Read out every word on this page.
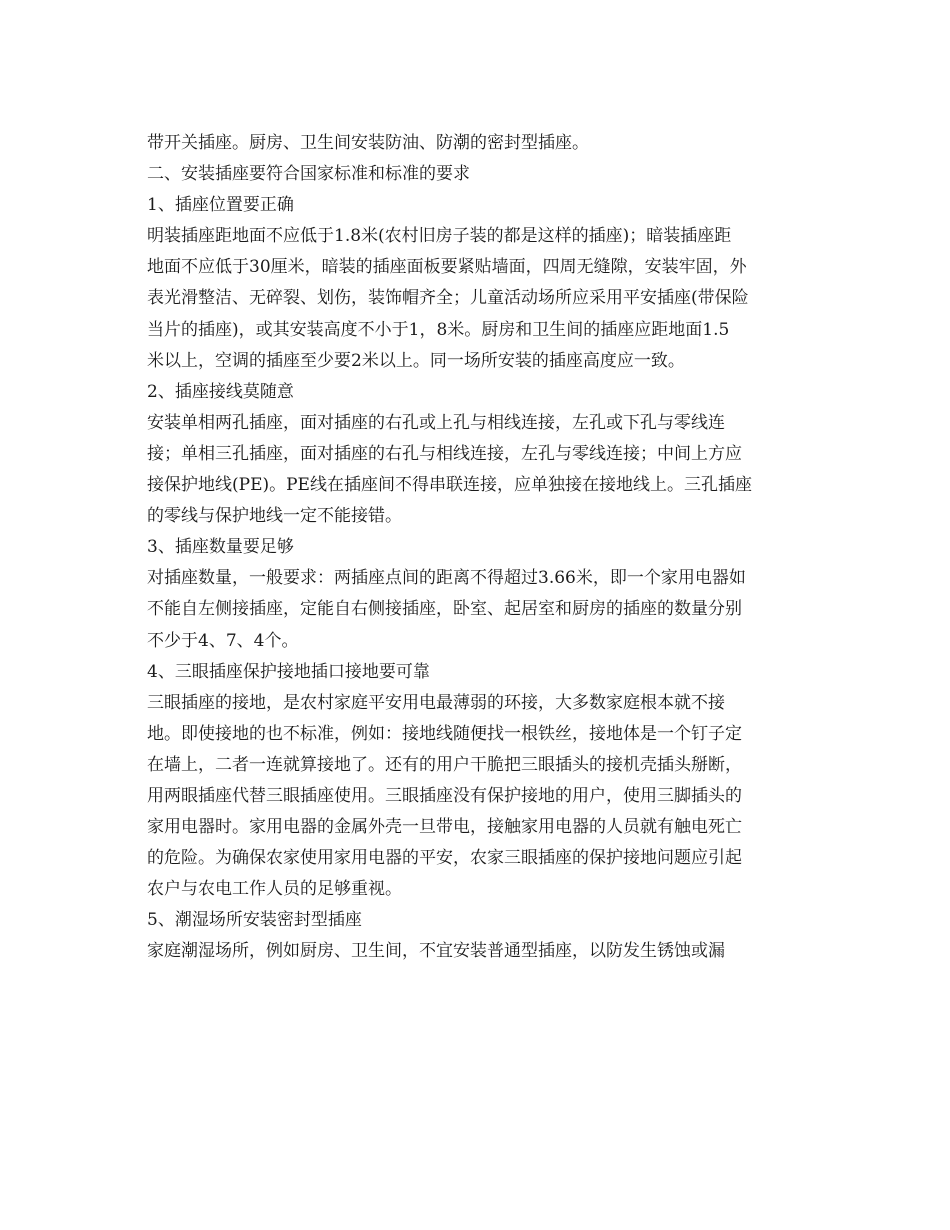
带开关插座。厨房、卫生间安装防油、防潮的密封型插座。

二、安装插座要符合国家标准和标准的要求

1、插座位置要正确

明装插座距地面不应低于1.8米(农村旧房子装的都是这样的插座)；暗装插座距

地面不应低于30厘米，暗装的插座面板要紧贴墙面，四周无缝隙，安装牢固，外

表光滑整洁、无碎裂、划伤，装饰帽齐全；儿童活动场所应采用平安插座(带保险

当片的插座)，或其安装高度不小于1，8米。厨房和卫生间的插座应距地面1.5

米以上，空调的插座至少要2米以上。同一场所安装的插座高度应一致。

2、插座接线莫随意

安装单相两孔插座，面对插座的右孔或上孔与相线连接，左孔或下孔与零线连

接；单相三孔插座，面对插座的右孔与相线连接，左孔与零线连接；中间上方应

接保护地线(PE)。PE线在插座间不得串联连接，应单独接在接地线上。三孔插座

的零线与保护地线一定不能接错。

3、插座数量要足够

对插座数量，一般要求：两插座点间的距离不得超过3.66米，即一个家用电器如

不能自左侧接插座，定能自右侧接插座，卧室、起居室和厨房的插座的数量分别

不少于4、7、4个。

4、三眼插座保护接地插口接地要可靠

三眼插座的接地，是农村家庭平安用电最薄弱的环接，大多数家庭根本就不接

地。即使接地的也不标准，例如：接地线随便找一根铁丝，接地体是一个钉子定

在墙上，二者一连就算接地了。还有的用户干脆把三眼插头的接机壳插头掰断，

用两眼插座代替三眼插座使用。三眼插座没有保护接地的用户，使用三脚插头的

家用电器时。家用电器的金属外壳一旦带电，接触家用电器的人员就有触电死亡

的危险。为确保农家使用家用电器的平安，农家三眼插座的保护接地问题应引起

农户与农电工作人员的足够重视。

5、潮湿场所安装密封型插座

家庭潮湿场所，例如厨房、卫生间，不宜安装普通型插座，以防发生锈蚀或漏
